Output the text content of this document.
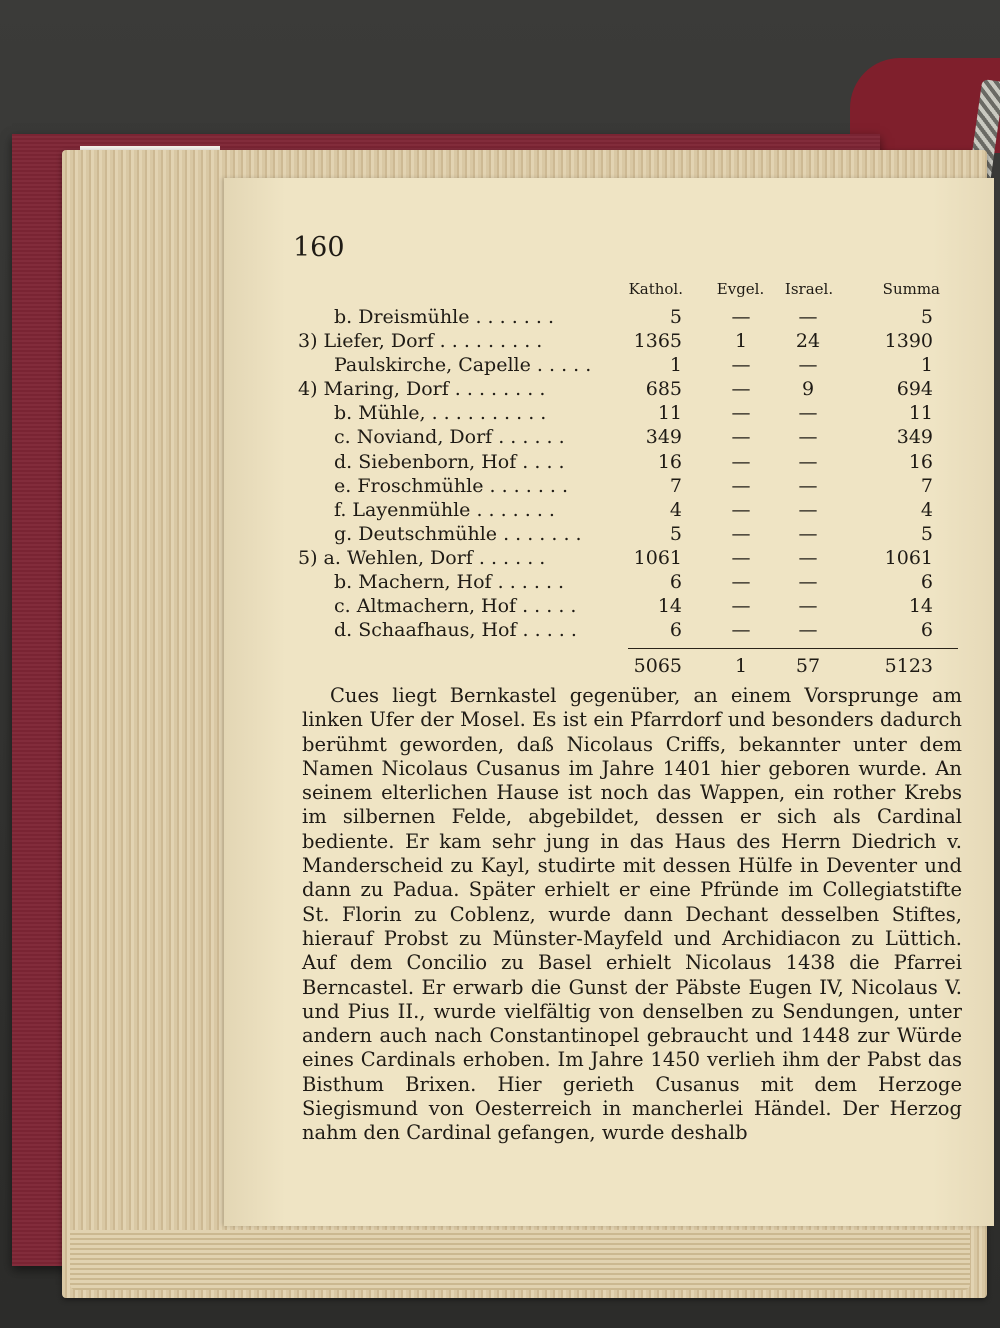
160
Kathol. Evgel.	Israel.	Summa
b. Dreismühle . . . . . . .	5	—	—	5
3) Liefer, Dorf . . . . . . . . .	1365	1	24	1390
Paulskirche, Capelle . . . . .	1	—	—	1
4) Maring, Dorf . . . . . . . .	685	—	9	694
b. Mühle, . . . . . . . . . .	11	—	—	11
c. Noviand, Dorf . . . . . .	349	—	—	349
d. Siebenborn, Hof . . . .	16	—	—	16
e. Froschmühle . . . . . . .	7	—	—	7
f. Layenmühle . . . . . . .	4	—	—	4
g. Deutschmühle . . . . . . .	5	—	—	5
5) a. Wehlen, Dorf . . . . . .	1061	—	—	1061
b. Machern, Hof . . . . . .	6	—	—	6
c. Altmachern, Hof . . . . .	14	—	—	14
d. Schaafhaus, Hof . . . . .	6	—	—	6
5065	1	57	5123

Cues liegt Bernkastel gegenüber, an einem Vorsprunge am linken Ufer der Mosel. Es ist ein Pfarrdorf und besonders dadurch berühmt geworden, daß Nicolaus Criffs, bekannter unter dem Namen Nicolaus Cusanus im Jahre 1401 hier geboren wurde. An seinem elterlichen Hause ist noch das Wappen, ein rother Krebs im silbernen Felde, abgebildet, dessen er sich als Cardinal bediente. Er kam sehr jung in das Haus des Herrn Diedrich v. Manderscheid zu Kayl, studirte mit dessen Hülfe in Deventer und dann zu Padua. Später erhielt er eine Pfründe im Collegiatstifte St. Florin zu Coblenz, wurde dann Dechant desselben Stiftes, hierauf Probst zu Münster-Mayfeld und Archidiacon zu Lüttich. Auf dem Concilio zu Basel erhielt Nicolaus 1438 die Pfarrei Berncastel. Er erwarb die Gunst der Päbste Eugen IV, Nicolaus V. und Pius II., wurde vielfältig von denselben zu Sendungen, unter andern auch nach Constantinopel gebraucht und 1448 zur Würde eines Cardinals erhoben. Im Jahre 1450 verlieh ihm der Pabst das Bisthum Brixen. Hier gerieth Cusanus mit dem Herzoge Siegismund von Oesterreich in mancherlei Händel. Der Herzog nahm den Cardinal gefangen, wurde deshalb
